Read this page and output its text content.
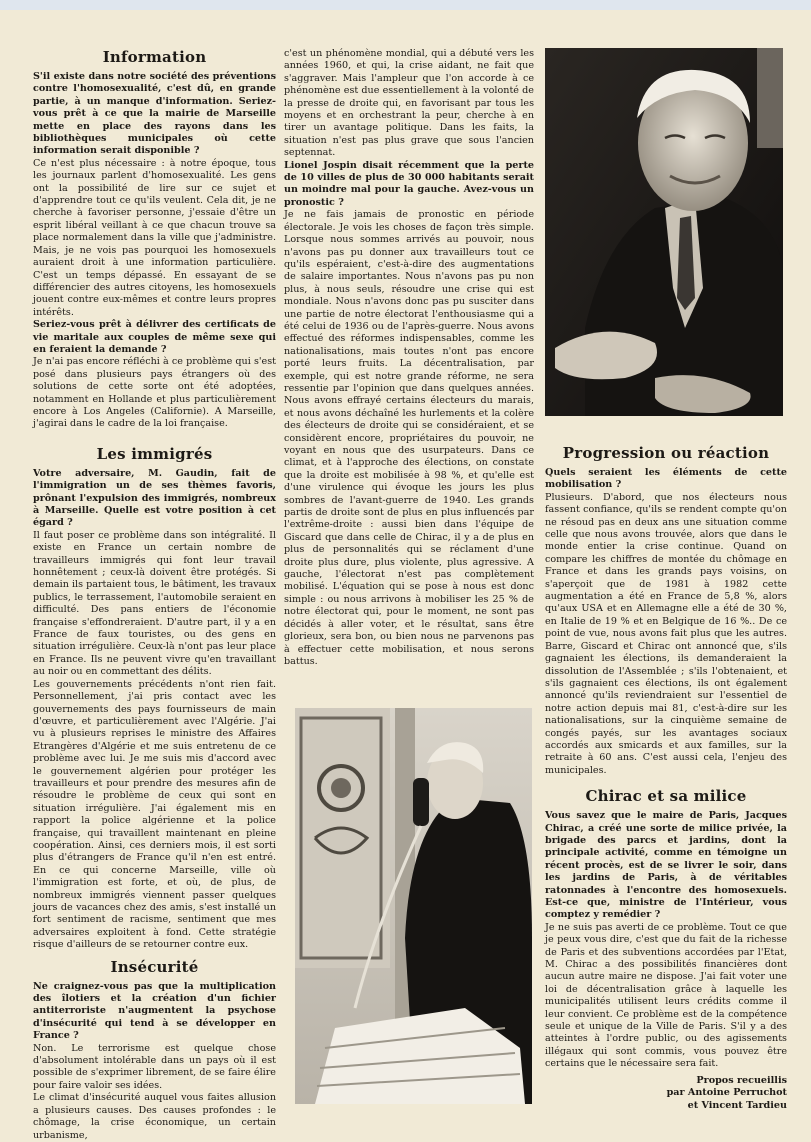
Information

S'il existe dans notre société des préventions contre l'homosexualité, c'est dû, en grande partie, à un manque d'information. Seriez-vous prêt à ce que la mairie de Marseille mette en place des rayons dans les bibliothèques municipales où cette information serait disponible ?

Ce n'est plus nécessaire : à notre époque, tous les journaux parlent d'homosexualité. Les gens ont la possibilité de lire sur ce sujet et d'apprendre tout ce qu'ils veulent. Cela dit, je ne cherche à favoriser personne, j'essaie d'être un esprit libéral veillant à ce que chacun trouve sa place normalement dans la ville que j'administre. Mais, je ne vois pas pourquoi les homosexuels auraient droit à une information particulière. C'est un temps dépassé. En essayant de se différencier des autres citoyens, les homosexuels jouent contre eux-mêmes et contre leurs propres intérêts.

Seriez-vous prêt à délivrer des certificats de vie maritale aux couples de même sexe qui en feraient la demande ?

Je n'ai pas encore réfléchi à ce problème qui s'est posé dans plusieurs pays étrangers où des solutions de cette sorte ont été adoptées, notamment en Hollande et plus particulièrement encore à Los Angeles (Californie). A Marseille, j'agirai dans le cadre de la loi française.

Les immigrés

Votre adversaire, M. Gaudin, fait de l'immigration un de ses thèmes favoris, prônant l'expulsion des immigrés, nombreux à Marseille. Quelle est votre position à cet égard ?

Il faut poser ce problème dans son intégralité. Il existe en France un certain nombre de travailleurs immigrés qui font leur travail honnêtement ; ceux-là doivent être protégés. Si demain ils partaient tous, le bâtiment, les travaux publics, le terrassement, l'automobile seraient en difficulté. Des pans entiers de l'économie française s'effondreraient. D'autre part, il y a en France de faux touristes, ou des gens en situation irrégulière. Ceux-là n'ont pas leur place en France. Ils ne peuvent vivre qu'en travaillant au noir ou en commettant des délits.

Les gouvernements précédents n'ont rien fait. Personnellement, j'ai pris contact avec les gouvernements des pays fournisseurs de main d'œuvre, et particulièrement avec l'Algérie. J'ai vu à plusieurs reprises le ministre des Affaires Etrangères d'Algérie et me suis entretenu de ce problème avec lui. Je me suis mis d'accord avec le gouvernement algérien pour protéger les travailleurs et pour prendre des mesures afin de résoudre le problème de ceux qui sont en situation irrégulière. J'ai également mis en rapport la police algérienne et la police française, qui travaillent maintenant en pleine coopération. Ainsi, ces derniers mois, il est sorti plus d'étrangers de France qu'il n'en est entré. En ce qui concerne Marseille, ville où l'immigration est forte, et où, de plus, de nombreux immigrés viennent passer quelques jours de vacances chez des amis, s'est installé un fort sentiment de racisme, sentiment que mes adversaires exploitent à fond. Cette stratégie risque d'ailleurs de se retourner contre eux.

Insécurité

Ne craignez-vous pas que la multiplication des îlotiers et la création d'un fichier antiterroriste n'augmentent la psychose d'insécurité qui tend à se développer en France ?

Non. Le terrorisme est quelque chose d'absolument intolérable dans un pays où il est possible de s'exprimer librement, de se faire élire pour faire valoir ses idées.

Le climat d'insécurité auquel vous faites allusion a plusieurs causes. Des causes profondes : le chômage, la crise économique, un certain urbanisme,

c'est un phénomène mondial, qui a débuté vers les années 1960, et qui, la crise aidant, ne fait que s'aggraver. Mais l'ampleur que l'on accorde à ce phénomène est due essentiellement à la volonté de la presse de droite qui, en favorisant par tous les moyens et en orchestrant la peur, cherche à en tirer un avantage politique. Dans les faits, la situation n'est pas plus grave que sous l'ancien septennat.

Lionel Jospin disait récemment que la perte de 10 villes de plus de 30 000 habitants serait un moindre mal pour la gauche. Avez-vous un pronostic ?

Je ne fais jamais de pronostic en période électorale. Je vois les choses de façon très simple. Lorsque nous sommes arrivés au pouvoir, nous n'avons pas pu donner aux travailleurs tout ce qu'ils espéraient, c'est-à-dire des augmentations de salaire importantes. Nous n'avons pas pu non plus, à nous seuls, résoudre une crise qui est mondiale. Nous n'avons donc pas pu susciter dans une partie de notre électorat l'enthousiasme qui a été celui de 1936 ou de l'après-guerre. Nous avons effectué des réformes indispensables, comme les nationalisations, mais toutes n'ont pas encore porté leurs fruits. La décentralisation, par exemple, qui est notre grande réforme, ne sera ressentie par l'opinion que dans quelques années. Nous avons effrayé certains électeurs du marais, et nous avons déchaîné les hurlements et la colère des électeurs de droite qui se considéraient, et se considèrent encore, propriétaires du pouvoir, ne voyant en nous que des usurpateurs. Dans ce climat, et à l'approche des élections, on constate que la droite est mobilisée à 98 %, et qu'elle est d'une virulence qui évoque les jours les plus sombres de l'avant-guerre de 1940. Les grands partis de droite sont de plus en plus influencés par l'extrême-droite : aussi bien dans l'équipe de Giscard que dans celle de Chirac, il y a de plus en plus de personnalités qui se réclament d'une droite plus dure, plus violente, plus agressive. A gauche, l'électorat n'est pas complètement mobilisé. L'équation qui se pose à nous est donc simple : ou nous arrivons à mobiliser les 25 % de notre électorat qui, pour le moment, ne sont pas décidés à aller voter, et le résultat, sans être glorieux, sera bon, ou bien nous ne parvenons pas à effectuer cette mobilisation, et nous serons battus.

Progression ou réaction

Quels seraient les éléments de cette mobilisation ?

Plusieurs. D'abord, que nos électeurs nous fassent confiance, qu'ils se rendent compte qu'on ne résoud pas en deux ans une situation comme celle que nous avons trouvée, alors que dans le monde entier la crise continue. Quand on compare les chiffres de montée du chômage en France et dans les grands pays voisins, on s'aperçoit que de 1981 à 1982 cette augmentation a été en France de 5,8 %, alors qu'aux USA et en Allemagne elle a été de 30 %, en Italie de 19 % et en Belgique de 16 %.. De ce point de vue, nous avons fait plus que les autres. Barre, Giscard et Chirac ont annoncé que, s'ils gagnaient les élections, ils demanderaient la dissolution de l'Assemblée ; s'ils l'obtenaient, et s'ils gagnaient ces élections, ils ont également annoncé qu'ils reviendraient sur l'essentiel de notre action depuis mai 81, c'est-à-dire sur les nationalisations, sur la cinquième semaine de congés payés, sur les avantages sociaux accordés aux smicards et aux familles, sur la retraite à 60 ans. C'est aussi cela, l'enjeu des municipales.

Chirac et sa milice

Vous savez que le maire de Paris, Jacques Chirac, a créé une sorte de milice privée, la brigade des parcs et jardins, dont la principale activité, comme en témoigne un récent procès, est de se livrer le soir, dans les jardins de Paris, à de véritables ratonnades à l'encontre des homosexuels. Est-ce que, ministre de l'Intérieur, vous comptez y remédier ?

Je ne suis pas averti de ce problème. Tout ce que je peux vous dire, c'est que du fait de la richesse de Paris et des subventions accordées par l'Etat, M. Chirac a des possibilités financières dont aucun autre maire ne dispose. J'ai fait voter une loi de décentralisation grâce à laquelle les municipalités utilisent leurs crédits comme il leur convient. Ce problème est de la compétence seule et unique de la Ville de Paris. S'il y a des atteintes à l'ordre public, ou des agissements illégaux qui sont commis, vous pouvez être certains que le nécessaire sera fait.

Propos recueillis

par Antoine Perruchot

et Vincent Tardieu
